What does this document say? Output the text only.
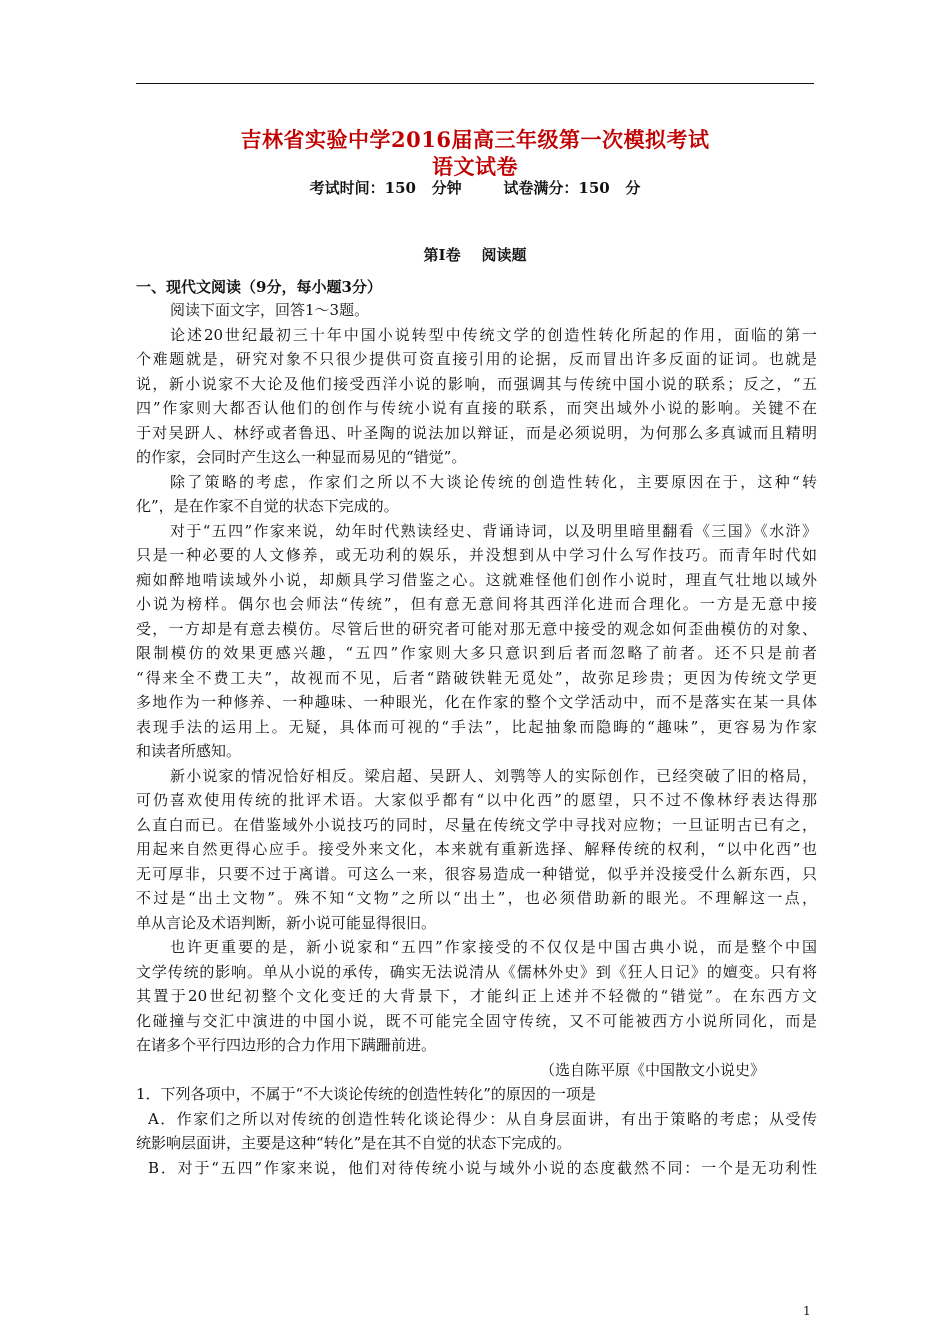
吉林省实验中学2016届高三年级第一次模拟考试
语文试卷
考试时间：150   分钟	试卷满分：150   分
第Ⅰ卷    阅读题
一、现代文阅读（9分，每小题3分）
阅读下面文字，回答1～3题。
论述20世纪最初三十年中国小说转型中传统文学的创造性转化所起的作用，面临的第一
个难题就是，研究对象不只很少提供可资直接引用的论据，反而冒出许多反面的证词。也就是
说，新小说家不大论及他们接受西洋小说的影响，而强调其与传统中国小说的联系；反之，“五
四”作家则大都否认他们的创作与传统小说有直接的联系，而突出域外小说的影响。关键不在
于对吴趼人、林纾或者鲁迅、叶圣陶的说法加以辩证，而是必须说明，为何那么多真诚而且精明
的作家，会同时产生这么一种显而易见的“错觉”。
除了策略的考虑，作家们之所以不大谈论传统的创造性转化，主要原因在于，这种“转
化”，是在作家不自觉的状态下完成的。
对于“五四”作家来说，幼年时代熟读经史、背诵诗词，以及明里暗里翻看《三国》《水浒》
只是一种必要的人文修养，或无功利的娱乐，并没想到从中学习什么写作技巧。而青年时代如
痴如醉地啃读域外小说，却颇具学习借鉴之心。这就难怪他们创作小说时，理直气壮地以域外
小说为榜样。偶尔也会师法“传统”，但有意无意间将其西洋化进而合理化。一方是无意中接
受，一方却是有意去模仿。尽管后世的研究者可能对那无意中接受的观念如何歪曲模仿的对象、
限制模仿的效果更感兴趣，“五四”作家则大多只意识到后者而忽略了前者。还不只是前者
“得来全不费工夫”，故视而不见，后者“踏破铁鞋无觅处”，故弥足珍贵；更因为传统文学更
多地作为一种修养、一种趣味、一种眼光，化在作家的整个文学活动中，而不是落实在某一具体
表现手法的运用上。无疑，具体而可视的“手法”，比起抽象而隐晦的“趣味”，更容易为作家
和读者所感知。
新小说家的情况恰好相反。梁启超、吴趼人、刘鹗等人的实际创作，已经突破了旧的格局，
可仍喜欢使用传统的批评术语。大家似乎都有“以中化西”的愿望，只不过不像林纾表达得那
么直白而已。在借鉴域外小说技巧的同时，尽量在传统文学中寻找对应物；一旦证明古已有之，
用起来自然更得心应手。接受外来文化，本来就有重新选择、解释传统的权利，“以中化西”也
无可厚非，只要不过于离谱。可这么一来，很容易造成一种错觉，似乎并没接受什么新东西，只
不过是“出土文物”。殊不知“文物”之所以“出土”，也必须借助新的眼光。不理解这一点，
单从言论及术语判断，新小说可能显得很旧。
也许更重要的是，新小说家和“五四”作家接受的不仅仅是中国古典小说，而是整个中国
文学传统的影响。单从小说的承传，确实无法说清从《儒林外史》到《狂人日记》的嬗变。只有将
其置于20世纪初整个文化变迁的大背景下，才能纠正上述并不轻微的“错觉”。在东西方文
化碰撞与交汇中演进的中国小说，既不可能完全固守传统，又不可能被西方小说所同化，而是
在诸多个平行四边形的合力作用下蹒跚前进。
（选自陈平原《中国散文小说史》
1．下列各项中，不属于“不大谈论传统的创造性转化”的原因的一项是
A．作家们之所以对传统的创造性转化谈论得少：从自身层面讲，有出于策略的考虑；从受传
统影响层面讲，主要是这种“转化”是在其不自觉的状态下完成的。
B．对于“五四”作家来说，他们对待传统小说与域外小说的态度截然不同：一个是无功利性
1
